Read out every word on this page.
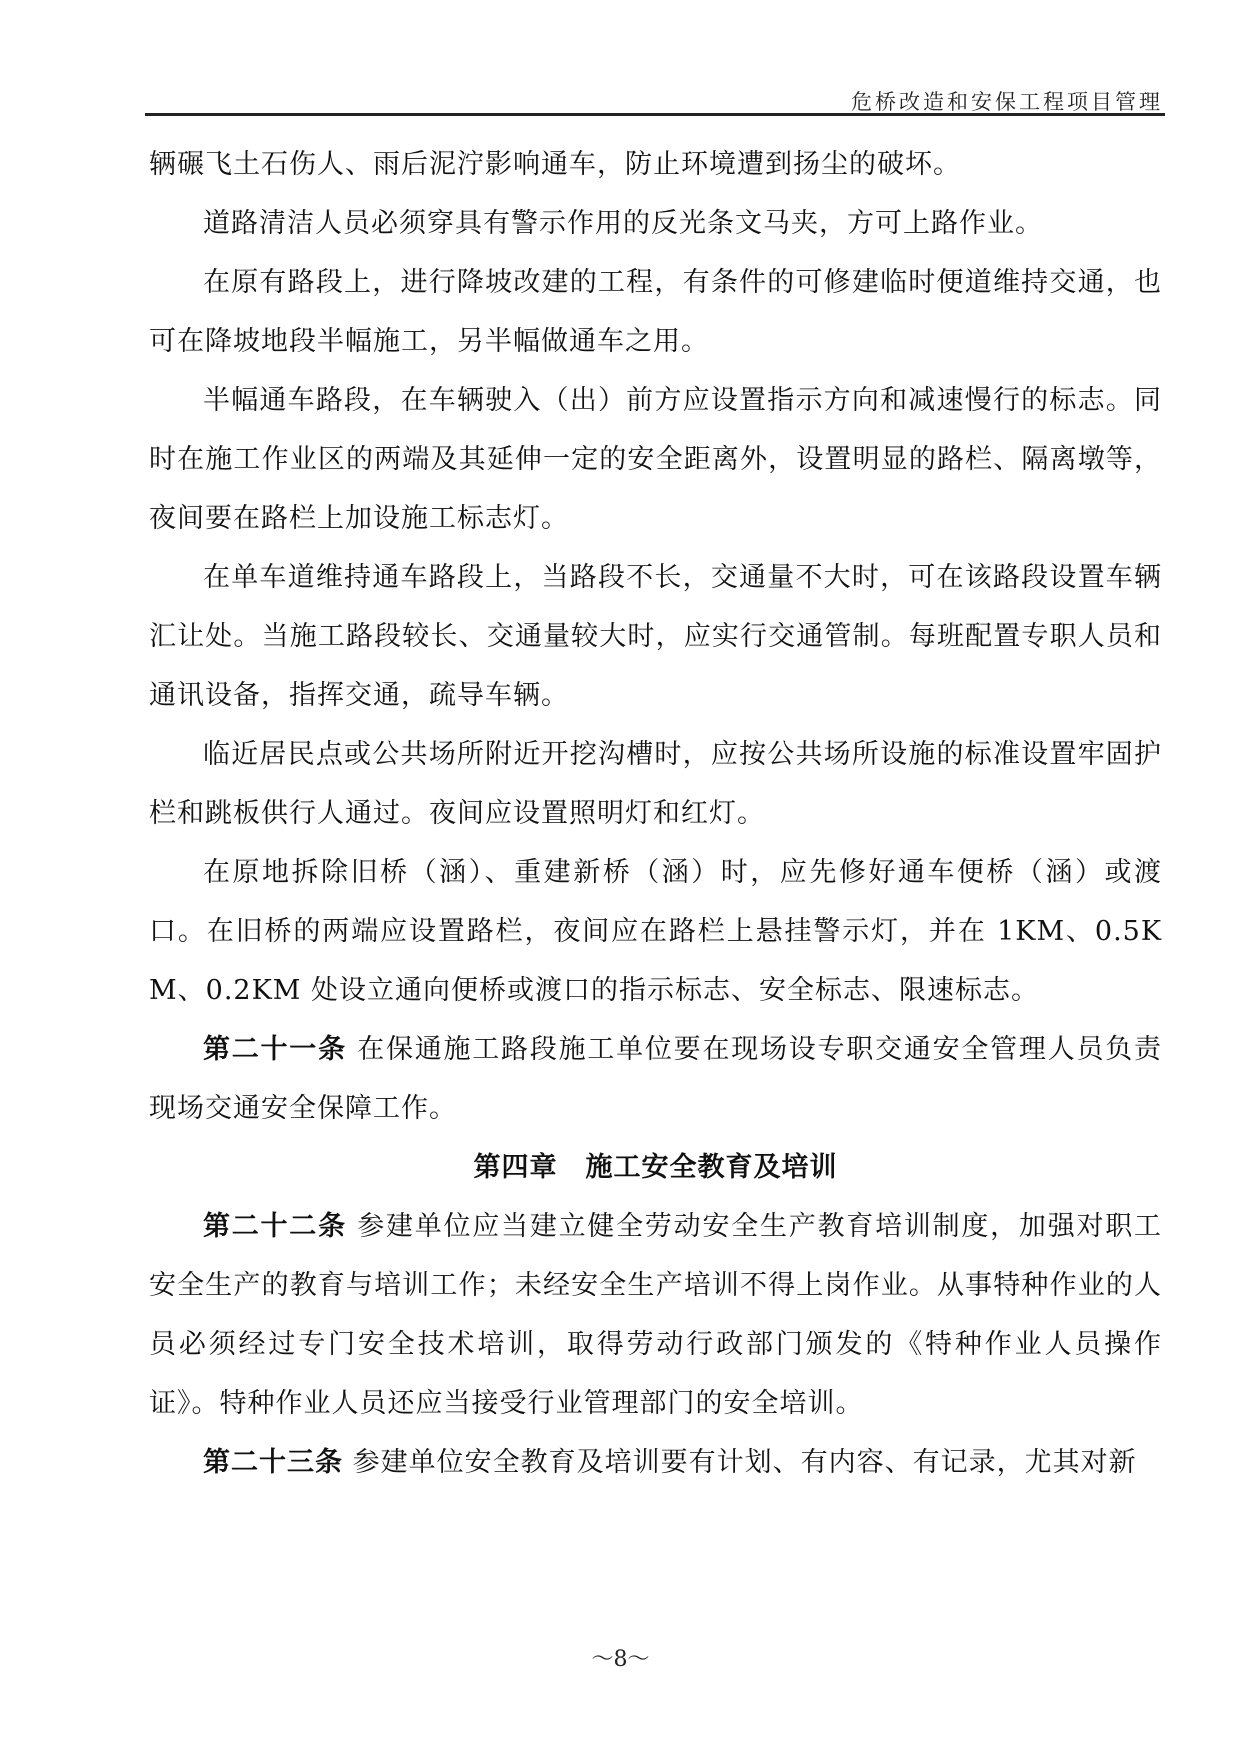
危桥改造和安保工程项目管理

辆碾飞土石伤人、雨后泥泞影响通车，防止环境遭到扬尘的破坏。

道路清洁人员必须穿具有警示作用的反光条文马夹，方可上路作业。

在原有路段上，进行降坡改建的工程，有条件的可修建临时便道维持交通，也可在降坡地段半幅施工，另半幅做通车之用。

半幅通车路段，在车辆驶入（出）前方应设置指示方向和减速慢行的标志。同时在施工作业区的两端及其延伸一定的安全距离外，设置明显的路栏、隔离墩等，夜间要在路栏上加设施工标志灯。

在单车道维持通车路段上，当路段不长，交通量不大时，可在该路段设置车辆汇让处。当施工路段较长、交通量较大时，应实行交通管制。每班配置专职人员和通讯设备，指挥交通，疏导车辆。

临近居民点或公共场所附近开挖沟槽时，应按公共场所设施的标准设置牢固护栏和跳板供行人通过。夜间应设置照明灯和红灯。

在原地拆除旧桥（涵）、重建新桥（涵）时，应先修好通车便桥（涵）或渡口。在旧桥的两端应设置路栏，夜间应在路栏上悬挂警示灯，并在 1KM、0.5KM、0.2KM 处设立通向便桥或渡口的指示标志、安全标志、限速标志。

第二十一条 在保通施工路段施工单位要在现场设专职交通安全管理人员负责现场交通安全保障工作。

第四章　施工安全教育及培训

第二十二条 参建单位应当建立健全劳动安全生产教育培训制度，加强对职工安全生产的教育与培训工作；未经安全生产培训不得上岗作业。从事特种作业的人员必须经过专门安全技术培训，取得劳动行政部门颁发的《特种作业人员操作证》。特种作业人员还应当接受行业管理部门的安全培训。

第二十三条 参建单位安全教育及培训要有计划、有内容、有记录，尤其对新

～8～
